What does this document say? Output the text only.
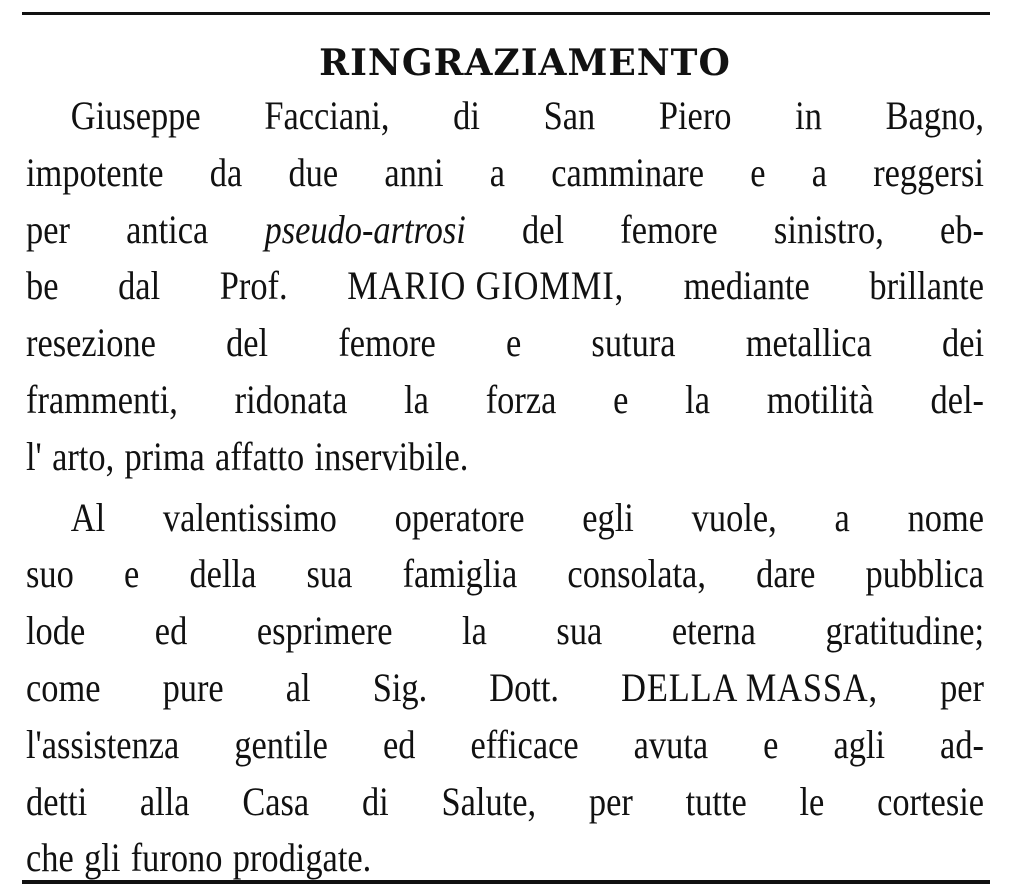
RINGRAZIAMENTO
Giuseppe Facciani, di San Piero in Bagno,
impotente da due anni a camminare e a reggersi
per antica pseudo-artrosi del femore sinistro, eb-
be dal Prof. MARIO GIOMMI, mediante brillante
resezione del femore e sutura metallica dei
frammenti, ridonata la forza e la motilità del-
l' arto, prima affatto inservibile.
Al valentissimo operatore egli vuole, a nome
suo e della sua famiglia consolata, dare pubblica
lode ed esprimere la sua eterna gratitudine;
come pure al Sig. Dott. DELLA MASSA, per
l'assistenza gentile ed efficace avuta e agli ad-
detti alla Casa di Salute, per tutte le cortesie
che gli furono prodigate.
